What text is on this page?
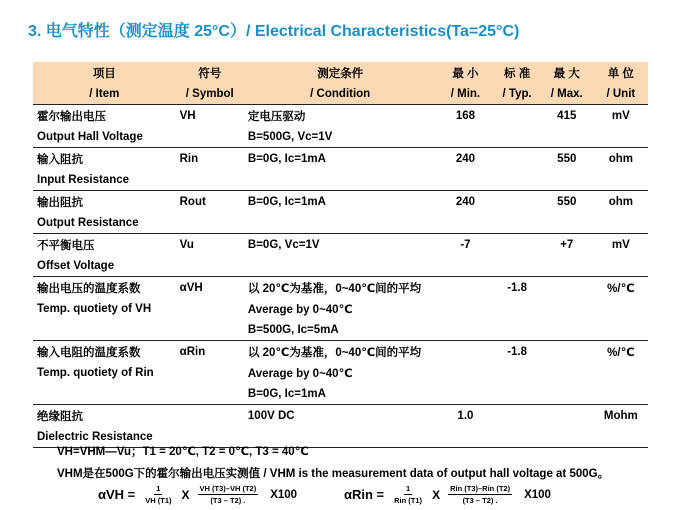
3. 电气特性（测定温度 25°C）/ Electrical Characteristics(Ta=25°C)
项目	符号	测定条件	最 小	标 准	最 大	单 位
/ Item	/ Symbol	/ Condition	/ Min.	/ Typ.	/ Max.	/ Unit
霍尔输出电压	VH	定电压驱动	168		415	mV
Output Hall Voltage		B=500G, Vc=1V				
输入阻抗	Rin	B=0G, Ic=1mA	240		550	ohm
Input Resistance						
输出阻抗	Rout	B=0G, Ic=1mA	240		550	ohm
Output Resistance						
不平衡电压	Vu	B=0G, Vc=1V	-7		+7	mV
Offset Voltage						
输出电压的温度系数	αVH	以 20℃为基准，0~40℃间的平均		-1.8		%/℃
Temp. quotiety of VH		Average by 0~40℃				
		B=500G, Ic=5mA				
输入电阻的温度系数	αRin	以 20℃为基准，0~40℃间的平均		-1.8		%/℃
Temp. quotiety of Rin		Average by 0~40℃				
		B=0G, Ic=1mA				
绝缘阻抗		100V DC	1.0			Mohm
Dielectric Resistance						
VH=VHM—Vu；T1 = 20℃, T2 = 0℃, T3 = 40℃
VHM是在500G下的霍尔输出电压实测值 / VHM is the measurement data of output hall voltage at 500G。
$\alpha VH = \frac{1}{VH (T1)}$ X $\frac{VH (T3)-VH (T2)}{(T3 - T2) .} X100$	$\alpha Rin = \frac{1}{\text{Rin (T1)}}$ X $\frac{\text{Rin (T3)–Rin (T2)}}{(T3 - T2) .} X100$
